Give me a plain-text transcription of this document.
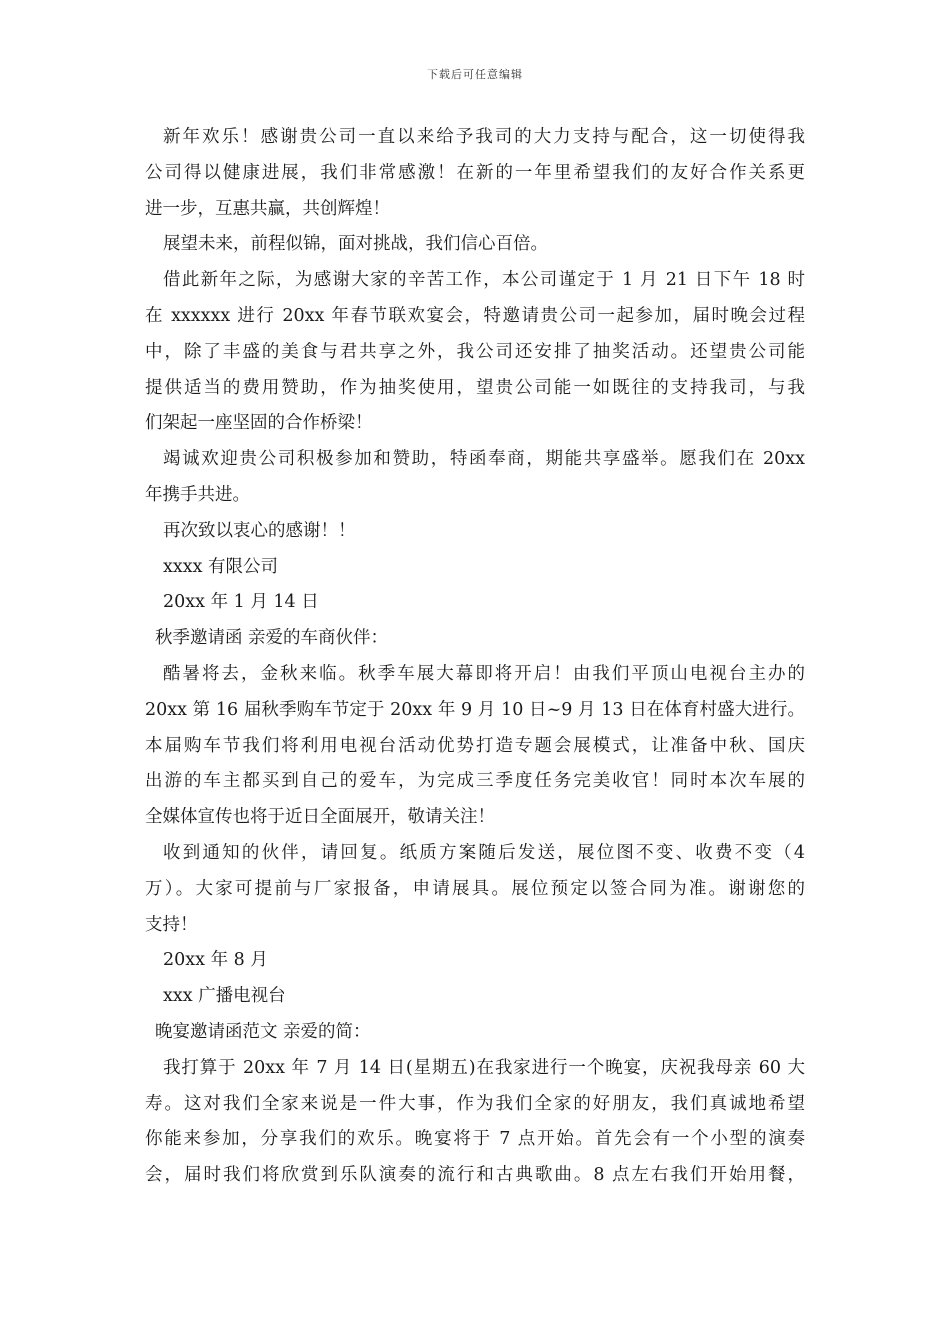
下载后可任意编辑
新年欢乐！感谢贵公司一直以来给予我司的大力支持与配合，这一切使得我
公司得以健康进展，我们非常感激！在新的一年里希望我们的友好合作关系更
进一步，互惠共赢，共创辉煌！
展望未来，前程似锦，面对挑战，我们信心百倍。
借此新年之际，为感谢大家的辛苦工作，本公司谨定于 1 月 21 日下午 18 时
在 xxxxxx 进行 20xx 年春节联欢宴会，特邀请贵公司一起参加，届时晚会过程
中，除了丰盛的美食与君共享之外，我公司还安排了抽奖活动。还望贵公司能
提供适当的费用赞助，作为抽奖使用，望贵公司能一如既往的支持我司，与我
们架起一座坚固的合作桥梁！
竭诚欢迎贵公司积极参加和赞助，特函奉商，期能共享盛举。愿我们在 20xx
年携手共进。
再次致以衷心的感谢！！
xxxx 有限公司
20xx 年 1 月 14 日
秋季邀请函 亲爱的车商伙伴：
酷暑将去，金秋来临。秋季车展大幕即将开启！由我们平顶山电视台主办的
20xx 第 16 届秋季购车节定于 20xx 年 9 月 10 日~9 月 13 日在体育村盛大进行。
本届购车节我们将利用电视台活动优势打造专题会展模式，让准备中秋、国庆
出游的车主都买到自己的爱车，为完成三季度任务完美收官！同时本次车展的
全媒体宣传也将于近日全面展开，敬请关注！
收到通知的伙伴，请回复。纸质方案随后发送，展位图不变、收费不变（4
万）。大家可提前与厂家报备，申请展具。展位预定以签合同为准。谢谢您的
支持！
20xx 年 8 月
xxx 广播电视台
晚宴邀请函范文 亲爱的简：
我打算于 20xx 年 7 月 14 日(星期五)在我家进行一个晚宴，庆祝我母亲 60 大
寿。这对我们全家来说是一件大事，作为我们全家的好朋友，我们真诚地希望
你能来参加，分享我们的欢乐。晚宴将于 7 点开始。首先会有一个小型的演奏
会，届时我们将欣赏到乐队演奏的流行和古典歌曲。8 点左右我们开始用餐，
